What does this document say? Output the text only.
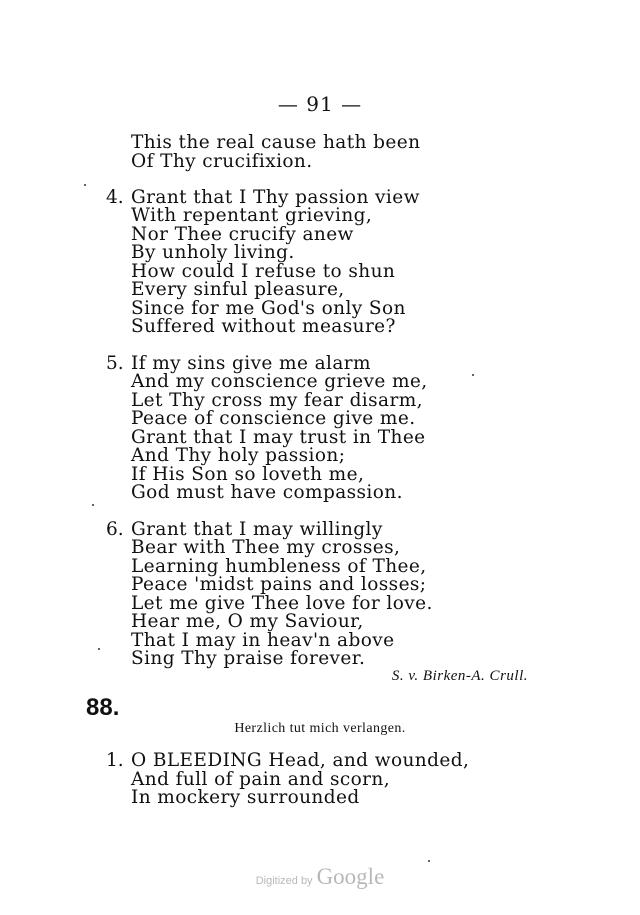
— 91 —
This the real cause hath been
Of Thy crucifixion.
4. Grant that I Thy passion view
With repentant grieving,
Nor Thee crucify anew
By unholy living.
How could I refuse to shun
Every sinful pleasure,
Since for me God's only Son
Suffered without measure?
5. If my sins give me alarm
And my conscience grieve me,
Let Thy cross my fear disarm,
Peace of conscience give me.
Grant that I may trust in Thee
And Thy holy passion;
If His Son so loveth me,
God must have compassion.
6. Grant that I may willingly
Bear with Thee my crosses,
Learning humbleness of Thee,
Peace 'midst pains and losses;
Let me give Thee love for love.
Hear me, O my Saviour,
That I may in heav'n above
Sing Thy praise forever.
S. v. Birken-A. Crull.
88.
Herzlich tut mich verlangen.
1. O BLEEDING Head, and wounded,
And full of pain and scorn,
In mockery surrounded
Digitized by Google
